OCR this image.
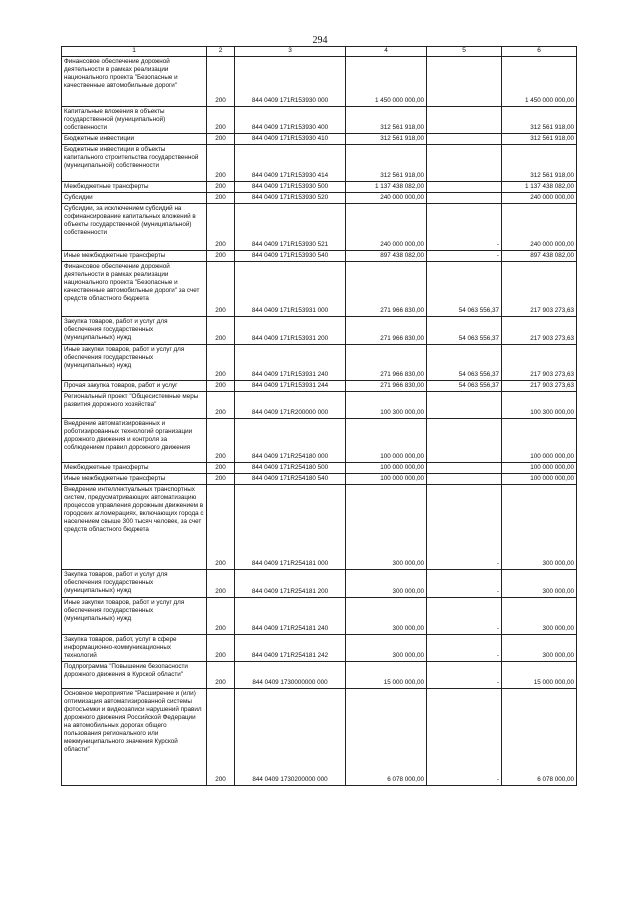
294
1	2	3	4	5	6
Финансовое обеспечение дорожной деятельности в рамках реализации национального проекта "Безопасные и качественные автомобильные дороги"	200	844 0409 171R153930 000	1 450 000 000,00		1 450 000 000,00
Капитальные вложения в объекты государственной (муниципальной) собственности	200	844 0409 171R153930 400	312 561 918,00		312 561 918,00
Бюджетные инвестиции	200	844 0409 171R153930 410	312 561 918,00		312 561 918,00
Бюджетные инвестиции в объекты капитального строительства государственной (муниципальной) собственности	200	844 0409 171R153930 414	312 561 918,00		312 561 918,00
Межбюджетные трансферты	200	844 0409 171R153930 500	1 137 438 082,00		1 137 438 082,00
Субсидии	200	844 0409 171R153930 520	240 000 000,00		240 000 000,00
Субсидии, за исключением субсидий на софинансирование капитальных вложений в объекты государственной (муниципальной) собственности	200	844 0409 171R153930 521	240 000 000,00	-	240 000 000,00
Иные межбюджетные трансферты	200	844 0409 171R153930 540	897 438 082,00	-	897 438 082,00
Финансовое обеспечение дорожной деятельности в рамках реализации национального проекта "Безопасные и качественные автомобильные дороги" за счет средств областного бюджета	200	844 0409 171R153931 000	271 966 830,00	54 063 556,37	217 903 273,63
Закупка товаров, работ и услуг для обеспечения государственных (муниципальных) нужд	200	844 0409 171R153931 200	271 966 830,00	54 063 556,37	217 903 273,63
Иные закупки товаров, работ и услуг для обеспечения государственных (муниципальных) нужд	200	844 0409 171R153931 240	271 966 830,00	54 063 556,37	217 903 273,63
Прочая закупка товаров, работ и услуг	200	844 0409 171R153931 244	271 966 830,00	54 063 556,37	217 903 273,63
Региональный проект "Общесистемные меры развития дорожного хозяйства"	200	844 0409 171R200000 000	100 300 000,00		100 300 000,00
Внедрение автоматизированных и роботизированных технологий организации дорожного движения и контроля за соблюдением правил дорожного движения	200	844 0409 171R254180 000	100 000 000,00		100 000 000,00
Межбюджетные трансферты	200	844 0409 171R254180 500	100 000 000,00		100 000 000,00
Иные межбюджетные трансферты	200	844 0409 171R254180 540	100 000 000,00		100 000 000,00
Внедрение интеллектуальных транспортных систем, предусматривающих автоматизацию процессов управления дорожным движением в городских агломерациях, включающих города с населением свыше 300 тысяч человек, за счет средств областного бюджета	200	844 0409 171R254181 000	300 000,00	-	300 000,00
Закупка товаров, работ и услуг для обеспечения государственных (муниципальных) нужд	200	844 0409 171R254181 200	300 000,00	-	300 000,00
Иные закупки товаров, работ и услуг для обеспечения государственных (муниципальных) нужд	200	844 0409 171R254181 240	300 000,00	-	300 000,00
Закупка товаров, работ, услуг в сфере информационно-коммуникационных технологий	200	844 0409 171R254181 242	300 000,00	-	300 000,00
Подпрограмма "Повышение безопасности дорожного движения в Курской области"	200	844 0409 1730000000 000	15 000 000,00	-	15 000 000,00
Основное мероприятие "Расширение и (или) оптимизация автоматизированной системы фотосъемки и видеозаписи нарушений правил дорожного движения Российской Федерации на автомобильных дорогах общего пользования регионального или межмуниципального значения Курской области"	200	844 0409 1730200000 000	6 078 000,00	-	6 078 000,00
